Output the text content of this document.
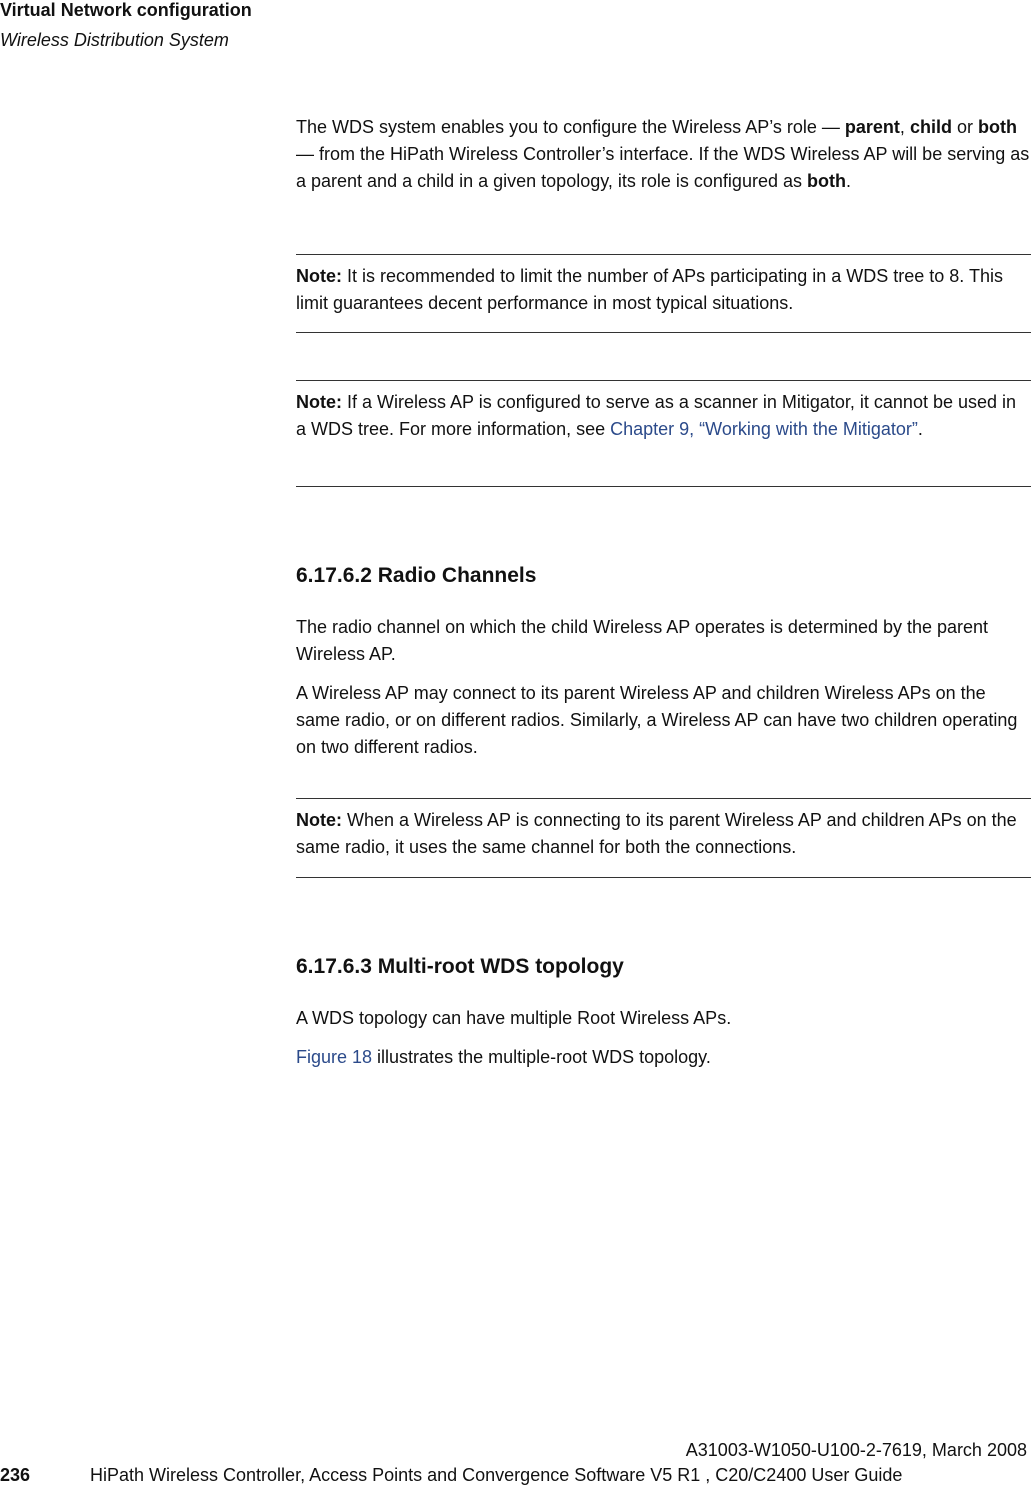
Virtual Network configuration
Wireless Distribution System

The WDS system enables you to configure the Wireless AP’s role — parent, child or both — from the HiPath Wireless Controller’s interface. If the WDS Wireless AP will be serving as a parent and a child in a given topology, its role is configured as both.

Note: It is recommended to limit the number of APs participating in a WDS tree to 8. This limit guarantees decent performance in most typical situations.

Note: If a Wireless AP is configured to serve as a scanner in Mitigator, it cannot be used in a WDS tree. For more information, see Chapter 9, “Working with the Mitigator”.

6.17.6.2 Radio Channels

The radio channel on which the child Wireless AP operates is determined by the parent Wireless AP.

A Wireless AP may connect to its parent Wireless AP and children Wireless APs on the same radio, or on different radios. Similarly, a Wireless AP can have two children operating on two different radios.

Note: When a Wireless AP is connecting to its parent Wireless AP and children APs on the same radio, it uses the same channel for both the connections.

6.17.6.3 Multi-root WDS topology

A WDS topology can have multiple Root Wireless APs.

Figure 18 illustrates the multiple-root WDS topology.

A31003-W1050-U100-2-7619, March 2008
236	HiPath Wireless Controller, Access Points and Convergence Software V5 R1 , C20/C2400 User Guide
